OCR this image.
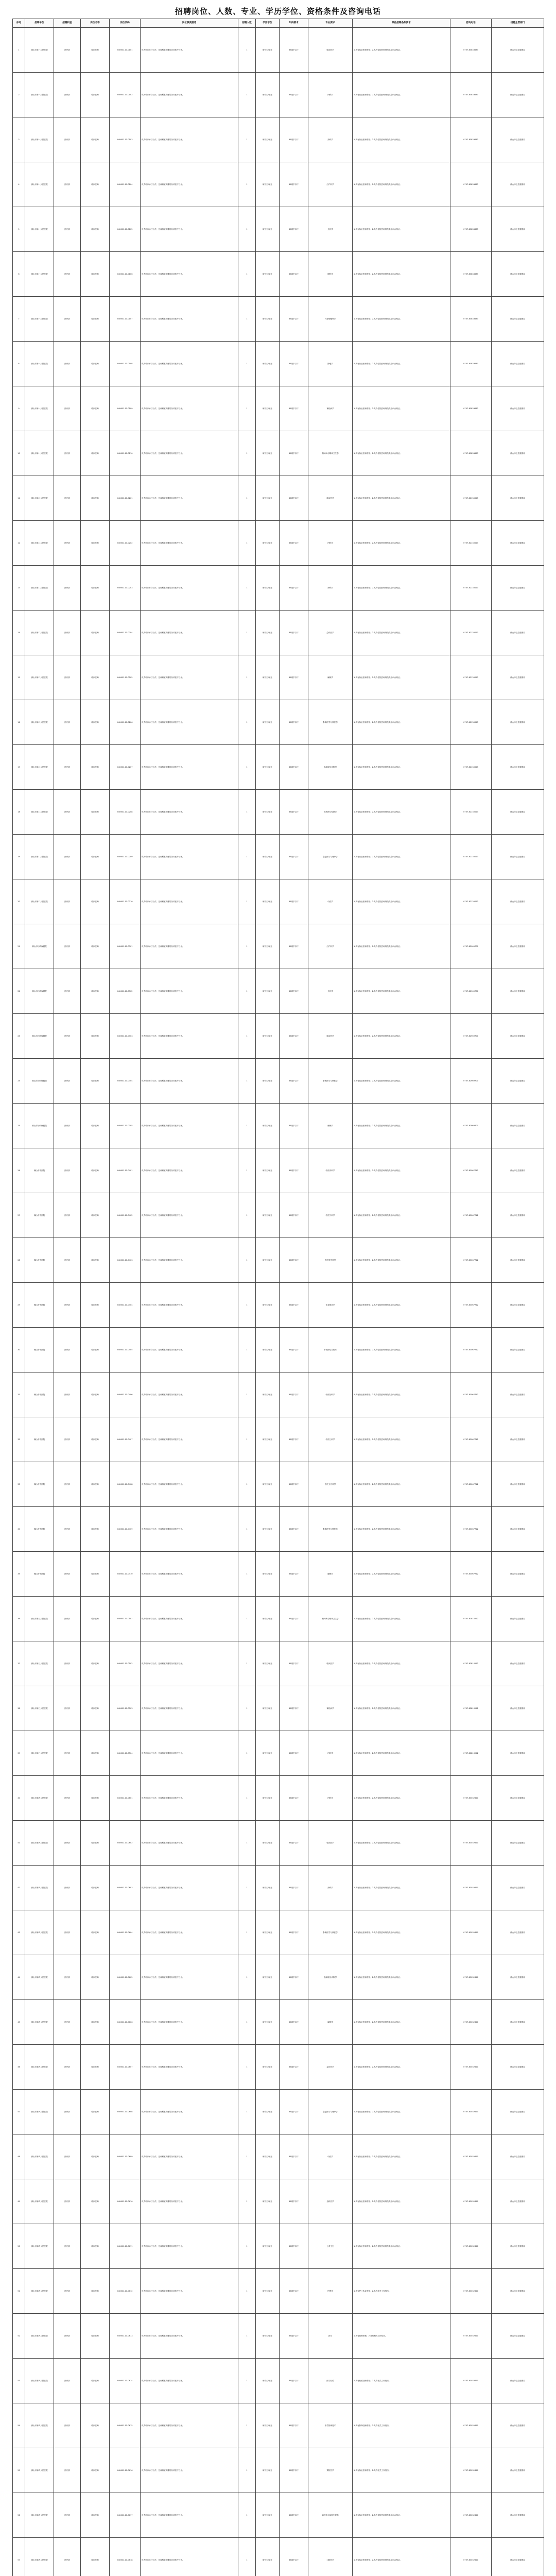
招聘岗位、人数、专业、学历学位、资格条件及咨询电话
序号	招聘单位	招聘科室	岗位名称	岗位代码	岗位职责描述	招聘人数	学历学位	年龄要求	专业要求	其他招聘条件要求	咨询电话	招聘主管部门
1	佛山市第一人民医院	医疗部	临床医师	440601-11-0101	负责临床诊疗工作，完成科室安排的各项医疗任务。	1	研究生/硕士	35周岁以下	临床医学	1.具有执业医师资格；2.具有住院医师规范化培训合格证。	0757-83833633	佛山市卫生健康局
2	佛山市第一人民医院	医疗部	临床医师	440601-11-0102	负责临床诊疗工作，完成科室安排的各项医疗任务。	1	研究生/硕士	35周岁以下	内科学	1.具有执业医师资格；2.具有住院医师规范化培训合格证。	0757-83833633	佛山市卫生健康局
3	佛山市第一人民医院	医疗部	临床医师	440601-11-0103	负责临床诊疗工作，完成科室安排的各项医疗任务。	1	研究生/硕士	35周岁以下	外科学	1.具有执业医师资格；2.具有住院医师规范化培训合格证。	0757-83833633	佛山市卫生健康局
4	佛山市第一人民医院	医疗部	临床医师	440601-11-0104	负责临床诊疗工作，完成科室安排的各项医疗任务。	1	研究生/硕士	35周岁以下	妇产科学	1.具有执业医师资格；2.具有住院医师规范化培训合格证。	0757-83833633	佛山市卫生健康局
5	佛山市第一人民医院	医疗部	临床医师	440601-11-0105	负责临床诊疗工作，完成科室安排的各项医疗任务。	1	研究生/硕士	35周岁以下	儿科学	1.具有执业医师资格；2.具有住院医师规范化培训合格证。	0757-83833633	佛山市卫生健康局
6	佛山市第一人民医院	医疗部	临床医师	440601-11-0106	负责临床诊疗工作，完成科室安排的各项医疗任务。	1	研究生/硕士	35周岁以下	眼科学	1.具有执业医师资格；2.具有住院医师规范化培训合格证。	0757-83833633	佛山市卫生健康局
7	佛山市第一人民医院	医疗部	临床医师	440601-11-0107	负责临床诊疗工作，完成科室安排的各项医疗任务。	1	研究生/硕士	35周岁以下	耳鼻咽喉科学	1.具有执业医师资格；2.具有住院医师规范化培训合格证。	0757-83833633	佛山市卫生健康局
8	佛山市第一人民医院	医疗部	临床医师	440601-11-0108	负责临床诊疗工作，完成科室安排的各项医疗任务。	1	研究生/硕士	35周岁以下	肿瘤学	1.具有执业医师资格；2.具有住院医师规范化培训合格证。	0757-83833633	佛山市卫生健康局
9	佛山市第一人民医院	医疗部	临床医师	440601-11-0109	负责临床诊疗工作，完成科室安排的各项医疗任务。	1	研究生/硕士	35周岁以下	神经病学	1.具有执业医师资格；2.具有住院医师规范化培训合格证。	0757-83833633	佛山市卫生健康局
10	佛山市第一人民医院	医疗部	临床医师	440601-11-0110	负责临床诊疗工作，完成科室安排的各项医疗任务。	1	研究生/硕士	35周岁以下	精神病与精神卫生学	1.具有执业医师资格；2.具有住院医师规范化培训合格证。	0757-83833633	佛山市卫生健康局
11	佛山市第二人民医院	医疗部	临床医师	440601-11-0201	负责临床诊疗工作，完成科室安排的各项医疗任务。	1	研究生/硕士	35周岁以下	临床医学	1.具有执业医师资格；2.具有住院医师规范化培训合格证。	0757-82130023	佛山市卫生健康局
12	佛山市第二人民医院	医疗部	临床医师	440601-11-0202	负责临床诊疗工作，完成科室安排的各项医疗任务。	1	研究生/硕士	35周岁以下	内科学	1.具有执业医师资格；2.具有住院医师规范化培训合格证。	0757-82130023	佛山市卫生健康局
13	佛山市第二人民医院	医疗部	临床医师	440601-11-0203	负责临床诊疗工作，完成科室安排的各项医疗任务。	1	研究生/硕士	35周岁以下	外科学	1.具有执业医师资格；2.具有住院医师规范化培训合格证。	0757-82130023	佛山市卫生健康局
14	佛山市第二人民医院	医疗部	临床医师	440601-11-0204	负责临床诊疗工作，完成科室安排的各项医疗任务。	1	研究生/硕士	35周岁以下	急诊医学	1.具有执业医师资格；2.具有住院医师规范化培训合格证。	0757-82130023	佛山市卫生健康局
15	佛山市第二人民医院	医疗部	临床医师	440601-11-0205	负责临床诊疗工作，完成科室安排的各项医疗任务。	1	研究生/硕士	35周岁以下	麻醉学	1.具有执业医师资格；2.具有住院医师规范化培训合格证。	0757-82130023	佛山市卫生健康局
16	佛山市第二人民医院	医疗部	临床医师	440601-11-0206	负责临床诊疗工作，完成科室安排的各项医疗任务。	1	研究生/硕士	35周岁以下	影像医学与核医学	1.具有执业医师资格；2.具有住院医师规范化培训合格证。	0757-82130023	佛山市卫生健康局
17	佛山市第二人民医院	医疗部	临床医师	440601-11-0207	负责临床诊疗工作，完成科室安排的各项医疗任务。	1	研究生/硕士	35周岁以下	临床检验诊断学	1.具有执业医师资格；2.具有住院医师规范化培训合格证。	0757-82130023	佛山市卫生健康局
18	佛山市第二人民医院	医疗部	临床医师	440601-11-0208	负责临床诊疗工作，完成科室安排的各项医疗任务。	1	研究生/硕士	35周岁以下	皮肤病与性病学	1.具有执业医师资格；2.具有住院医师规范化培训合格证。	0757-82130023	佛山市卫生健康局
19	佛山市第二人民医院	医疗部	临床医师	440601-11-0209	负责临床诊疗工作，完成科室安排的各项医疗任务。	1	研究生/硕士	35周岁以下	康复医学与理疗学	1.具有执业医师资格；2.具有住院医师规范化培训合格证。	0757-82130023	佛山市卫生健康局
20	佛山市第二人民医院	医疗部	临床医师	440601-11-0210	负责临床诊疗工作，完成科室安排的各项医疗任务。	1	研究生/硕士	35周岁以下	中医学	1.具有执业医师资格；2.具有住院医师规范化培训合格证。	0757-82130023	佛山市卫生健康局
21	佛山市妇幼保健院	医疗部	临床医师	440601-11-0301	负责临床诊疗工作，完成科室安排的各项医疗任务。	1	研究生/硕士	35周岁以下	妇产科学	1.具有执业医师资格；2.具有住院医师规范化培训合格证。	0757-82969700	佛山市卫生健康局
22	佛山市妇幼保健院	医疗部	临床医师	440601-11-0302	负责临床诊疗工作，完成科室安排的各项医疗任务。	1	研究生/硕士	35周岁以下	儿科学	1.具有执业医师资格；2.具有住院医师规范化培训合格证。	0757-82969700	佛山市卫生健康局
23	佛山市妇幼保健院	医疗部	临床医师	440601-11-0303	负责临床诊疗工作，完成科室安排的各项医疗任务。	1	研究生/硕士	35周岁以下	临床医学	1.具有执业医师资格；2.具有住院医师规范化培训合格证。	0757-82969700	佛山市卫生健康局
24	佛山市妇幼保健院	医疗部	临床医师	440601-11-0304	负责临床诊疗工作，完成科室安排的各项医疗任务。	1	研究生/硕士	35周岁以下	影像医学与核医学	1.具有执业医师资格；2.具有住院医师规范化培训合格证。	0757-82969700	佛山市卫生健康局
25	佛山市妇幼保健院	医疗部	临床医师	440601-11-0305	负责临床诊疗工作，完成科室安排的各项医疗任务。	1	研究生/硕士	35周岁以下	麻醉学	1.具有执业医师资格；2.具有住院医师规范化培训合格证。	0757-82969700	佛山市卫生健康局
26	佛山市中医院	医疗部	临床医师	440601-11-0401	负责临床诊疗工作，完成科室安排的各项医疗任务。	1	研究生/硕士	35周岁以下	中医内科学	1.具有执业医师资格；2.具有住院医师规范化培训合格证。	0757-83067712	佛山市卫生健康局
27	佛山市中医院	医疗部	临床医师	440601-11-0402	负责临床诊疗工作，完成科室安排的各项医疗任务。	1	研究生/硕士	35周岁以下	中医外科学	1.具有执业医师资格；2.具有住院医师规范化培训合格证。	0757-83067712	佛山市卫生健康局
28	佛山市中医院	医疗部	临床医师	440601-11-0403	负责临床诊疗工作，完成科室安排的各项医疗任务。	1	研究生/硕士	35周岁以下	中医骨伤科学	1.具有执业医师资格；2.具有住院医师规范化培训合格证。	0757-83067712	佛山市卫生健康局
29	佛山市中医院	医疗部	临床医师	440601-11-0404	负责临床诊疗工作，完成科室安排的各项医疗任务。	1	研究生/硕士	35周岁以下	针灸推拿学	1.具有执业医师资格；2.具有住院医师规范化培训合格证。	0757-83067712	佛山市卫生健康局
30	佛山市中医院	医疗部	临床医师	440601-11-0405	负责临床诊疗工作，完成科室安排的各项医疗任务。	1	研究生/硕士	35周岁以下	中西医结合临床	1.具有执业医师资格；2.具有住院医师规范化培训合格证。	0757-83067712	佛山市卫生健康局
31	佛山市中医院	医疗部	临床医师	440601-11-0406	负责临床诊疗工作，完成科室安排的各项医疗任务。	1	研究生/硕士	35周岁以下	中医妇科学	1.具有执业医师资格；2.具有住院医师规范化培训合格证。	0757-83067712	佛山市卫生健康局
32	佛山市中医院	医疗部	临床医师	440601-11-0407	负责临床诊疗工作，完成科室安排的各项医疗任务。	1	研究生/硕士	35周岁以下	中医儿科学	1.具有执业医师资格；2.具有住院医师规范化培训合格证。	0757-83067712	佛山市卫生健康局
33	佛山市中医院	医疗部	临床医师	440601-11-0408	负责临床诊疗工作，完成科室安排的各项医疗任务。	1	研究生/硕士	35周岁以下	中医五官科学	1.具有执业医师资格；2.具有住院医师规范化培训合格证。	0757-83067712	佛山市卫生健康局
34	佛山市中医院	医疗部	临床医师	440601-11-0409	负责临床诊疗工作，完成科室安排的各项医疗任务。	1	研究生/硕士	35周岁以下	影像医学与核医学	1.具有执业医师资格；2.具有住院医师规范化培训合格证。	0757-83067712	佛山市卫生健康局
35	佛山市中医院	医疗部	临床医师	440601-11-0410	负责临床诊疗工作，完成科室安排的各项医疗任务。	1	研究生/硕士	35周岁以下	麻醉学	1.具有执业医师资格；2.具有住院医师规范化培训合格证。	0757-83067712	佛山市卫生健康局
36	佛山市第三人民医院	医疗部	临床医师	440601-11-0501	负责临床诊疗工作，完成科室安排的各项医疗任务。	1	研究生/硕士	35周岁以下	精神病与精神卫生学	1.具有执业医师资格；2.具有住院医师规范化培训合格证。	0757-82810222	佛山市卫生健康局
37	佛山市第三人民医院	医疗部	临床医师	440601-11-0502	负责临床诊疗工作，完成科室安排的各项医疗任务。	1	研究生/硕士	35周岁以下	临床医学	1.具有执业医师资格；2.具有住院医师规范化培训合格证。	0757-82810222	佛山市卫生健康局
38	佛山市第三人民医院	医疗部	临床医师	440601-11-0503	负责临床诊疗工作，完成科室安排的各项医疗任务。	1	研究生/硕士	35周岁以下	神经病学	1.具有执业医师资格；2.具有住院医师规范化培训合格证。	0757-82810222	佛山市卫生健康局
39	佛山市第三人民医院	医疗部	临床医师	440601-11-0504	负责临床诊疗工作，完成科室安排的各项医疗任务。	1	研究生/硕士	35周岁以下	内科学	1.具有执业医师资格；2.具有住院医师规范化培训合格证。	0757-82810222	佛山市卫生健康局
40	佛山市第四人民医院	医疗部	临床医师	440601-11-0601	负责临床诊疗工作，完成科室安排的各项医疗任务。	1	研究生/硕士	35周岁以下	内科学	1.具有执业医师资格；2.具有住院医师规范化培训合格证。	0757-83032620	佛山市卫生健康局
41	佛山市第四人民医院	医疗部	临床医师	440601-11-0602	负责临床诊疗工作，完成科室安排的各项医疗任务。	1	研究生/硕士	35周岁以下	临床医学	1.具有执业医师资格；2.具有住院医师规范化培训合格证。	0757-83032620	佛山市卫生健康局
42	佛山市第四人民医院	医疗部	临床医师	440601-11-0603	负责临床诊疗工作，完成科室安排的各项医疗任务。	1	研究生/硕士	35周岁以下	外科学	1.具有执业医师资格；2.具有住院医师规范化培训合格证。	0757-83032620	佛山市卫生健康局
43	佛山市第四人民医院	医疗部	临床医师	440601-11-0604	负责临床诊疗工作，完成科室安排的各项医疗任务。	1	研究生/硕士	35周岁以下	影像医学与核医学	1.具有执业医师资格；2.具有住院医师规范化培训合格证。	0757-83032620	佛山市卫生健康局
44	佛山市第四人民医院	医疗部	临床医师	440601-11-0605	负责临床诊疗工作，完成科室安排的各项医疗任务。	1	研究生/硕士	35周岁以下	临床检验诊断学	1.具有执业医师资格；2.具有住院医师规范化培训合格证。	0757-83032620	佛山市卫生健康局
45	佛山市第四人民医院	医疗部	临床医师	440601-11-0606	负责临床诊疗工作，完成科室安排的各项医疗任务。	1	研究生/硕士	35周岁以下	麻醉学	1.具有执业医师资格；2.具有住院医师规范化培训合格证。	0757-83032620	佛山市卫生健康局
46	佛山市第四人民医院	医疗部	临床医师	440601-11-0607	负责临床诊疗工作，完成科室安排的各项医疗任务。	1	研究生/硕士	35周岁以下	急诊医学	1.具有执业医师资格；2.具有住院医师规范化培训合格证。	0757-83032620	佛山市卫生健康局
47	佛山市第四人民医院	医疗部	临床医师	440601-11-0608	负责临床诊疗工作，完成科室安排的各项医疗任务。	1	研究生/硕士	35周岁以下	康复医学与理疗学	1.具有执业医师资格；2.具有住院医师规范化培训合格证。	0757-83032620	佛山市卫生健康局
48	佛山市第四人民医院	医疗部	临床医师	440601-11-0609	负责临床诊疗工作，完成科室安排的各项医疗任务。	1	研究生/硕士	35周岁以下	中医学	1.具有执业医师资格；2.具有住院医师规范化培训合格证。	0757-83032620	佛山市卫生健康局
49	佛山市第四人民医院	医疗部	临床医师	440601-11-0610	负责临床诊疗工作，完成科室安排的各项医疗任务。	1	研究生/硕士	35周岁以下	全科医学	1.具有执业医师资格；2.具有住院医师规范化培训合格证。	0757-83032620	佛山市卫生健康局
50	佛山市第四人民医院	医疗部	临床医师	440601-11-0611	负责临床诊疗工作，完成科室安排的各项医疗任务。	1	研究生/硕士	35周岁以下	公共卫生	1.具有执业医师资格；2.具有住院医师规范化培训合格证。	0757-83032620	佛山市卫生健康局
51	佛山市第四人民医院	医疗部	临床医师	440601-11-0612	负责临床诊疗工作，完成科室安排的各项医疗任务。	1	研究生/硕士	35周岁以下	护理学	1.具有护士执业资格；2.具有相关工作经历。	0757-83032620	佛山市卫生健康局
52	佛山市第四人民医院	医疗部	临床医师	440601-11-0613	负责临床诊疗工作，完成科室安排的各项医疗任务。	1	研究生/硕士	35周岁以下	药学	1.具有药师资格；2.具有相关工作经历。	0757-83032620	佛山市卫生健康局
53	佛山市第四人民医院	医疗部	临床医师	440601-11-0614	负责临床诊疗工作，完成科室安排的各项医疗任务。	1	研究生/硕士	35周岁以下	医学检验	1.具有检验技师资格；2.具有相关工作经历。	0757-83032620	佛山市卫生健康局
54	佛山市第四人民医院	医疗部	临床医师	440601-11-0615	负责临床诊疗工作，完成科室安排的各项医疗任务。	1	研究生/硕士	35周岁以下	医学影像技术	1.具有影像技师资格；2.具有相关工作经历。	0757-83032620	佛山市卫生健康局
55	佛山市第四人民医院	医疗部	临床医师	440601-11-0616	负责临床诊疗工作，完成科室安排的各项医疗任务。	1	研究生/硕士	35周岁以下	预防医学	1.具有执业医师资格；2.具有相关工作经历。	0757-83032620	佛山市卫生健康局
56	佛山市第四人民医院	医疗部	临床医师	440601-11-0617	负责临床诊疗工作，完成科室安排的各项医疗任务。	1	研究生/硕士	35周岁以下	病理学与病理生理学	1.具有执业医师资格；2.具有住院医师规范化培训合格证。	0757-83032620	佛山市卫生健康局
57	佛山市第四人民医院	医疗部	临床医师	440601-11-0618	负责临床诊疗工作，完成科室安排的各项医疗任务。	1	研究生/硕士	35周岁以下	口腔医学	1.具有执业医师资格；2.具有住院医师规范化培训合格证。	0757-83032620	佛山市卫生健康局
